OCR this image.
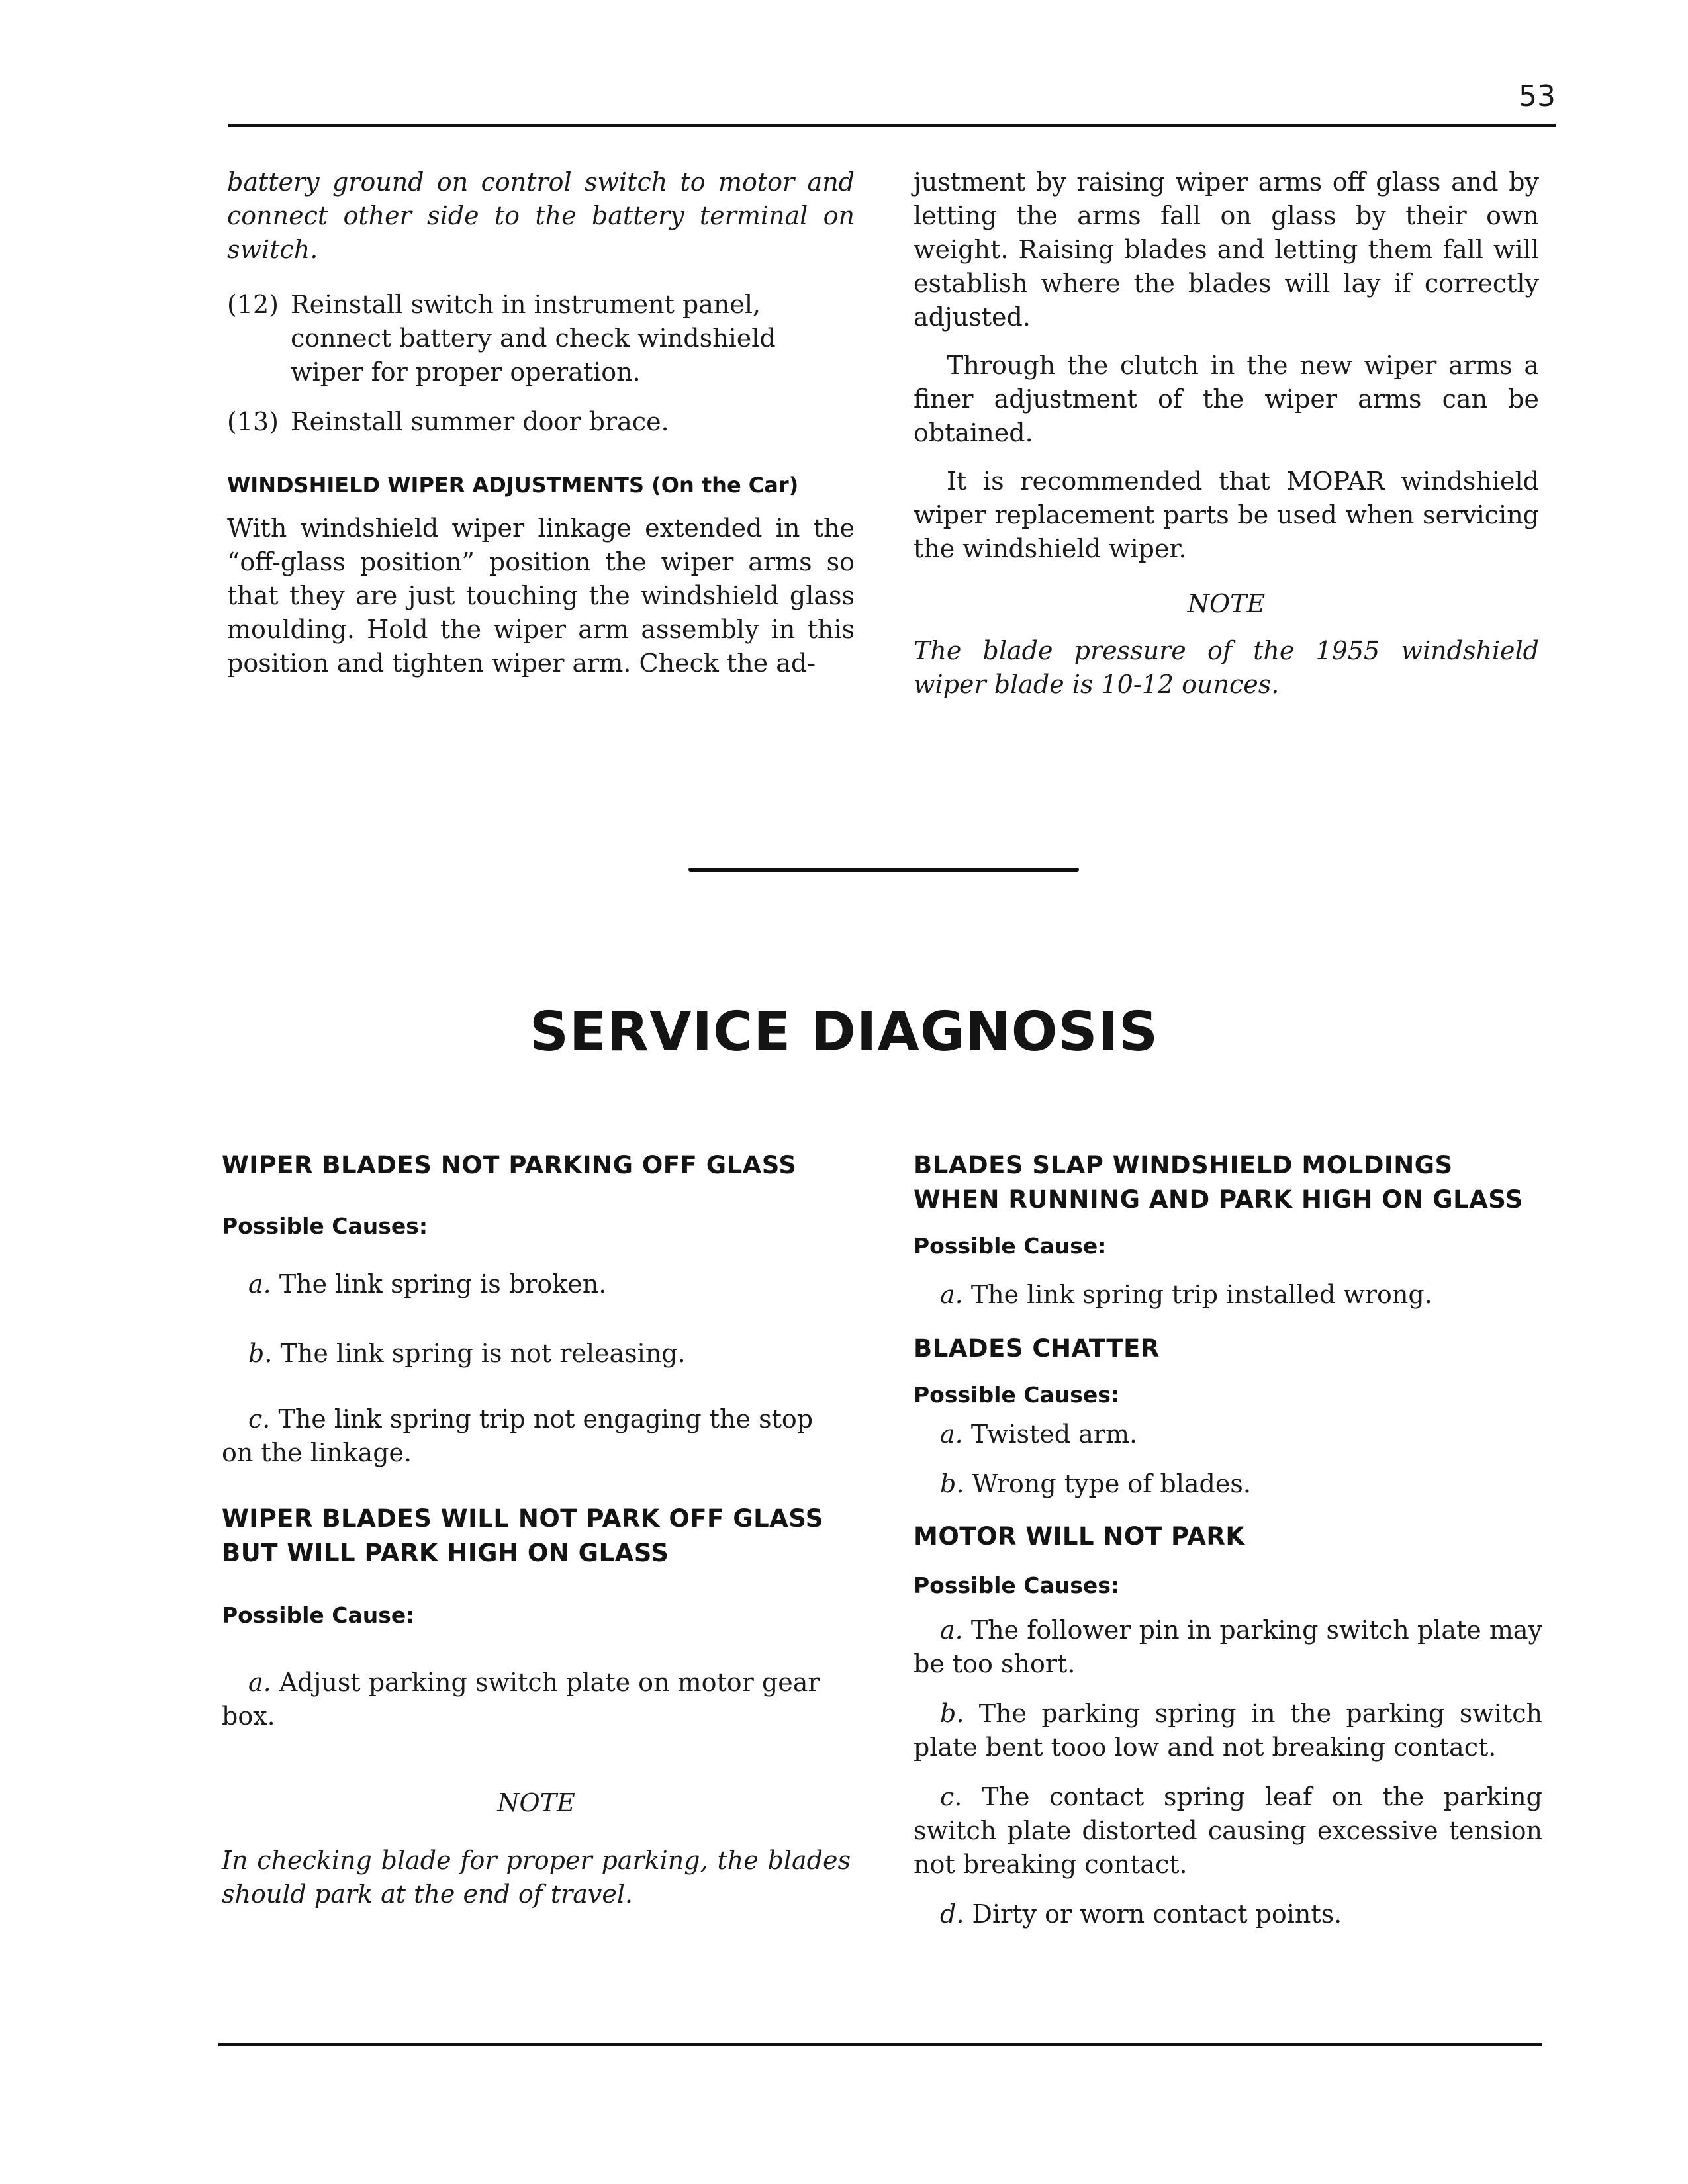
53

battery ground on control switch to motor and connect other side to the battery terminal on switch.

(12) Reinstall switch in instrument panel, connect battery and check windshield wiper for proper operation.
(13) Reinstall summer door brace.
WINDSHIELD WIPER ADJUSTMENTS (On the Car)

With windshield wiper linkage extended in the “off-glass position” position the wiper arms so that they are just touching the windshield glass moulding. Hold the wiper arm assembly in this position and tighten wiper arm. Check the ad-

justment by raising wiper arms off glass and by letting the arms fall on glass by their own weight. Raising blades and letting them fall will establish where the blades will lay if correctly adjusted.

Through the clutch in the new wiper arms a finer adjustment of the wiper arms can be obtained.

It is recommended that MOPAR windshield wiper replacement parts be used when servicing the windshield wiper.

NOTE

The blade pressure of the 1955 windshield wiper blade is 10-12 ounces.

SERVICE DIAGNOSIS
WIPER BLADES NOT PARKING OFF GLASS
Possible Causes:
a. The link spring is broken.
b. The link spring is not releasing.
c. The link spring trip not engaging the stop on the linkage.
WIPER BLADES WILL NOT PARK OFF GLASS BUT WILL PARK HIGH ON GLASS
Possible Cause:
a. Adjust parking switch plate on motor gear box.
NOTE

In checking blade for proper parking, the blades should park at the end of travel.

BLADES SLAP WINDSHIELD MOLDINGS WHEN RUNNING AND PARK HIGH ON GLASS
Possible Cause:
a. The link spring trip installed wrong.
BLADES CHATTER
Possible Causes:
a. Twisted arm.
b. Wrong type of blades.
MOTOR WILL NOT PARK
Possible Causes:
a. The follower pin in parking switch plate may be too short.
b. The parking spring in the parking switch plate bent tooo low and not breaking contact.
c. The contact spring leaf on the parking switch plate distorted causing excessive tension not breaking contact.
d. Dirty or worn contact points.
